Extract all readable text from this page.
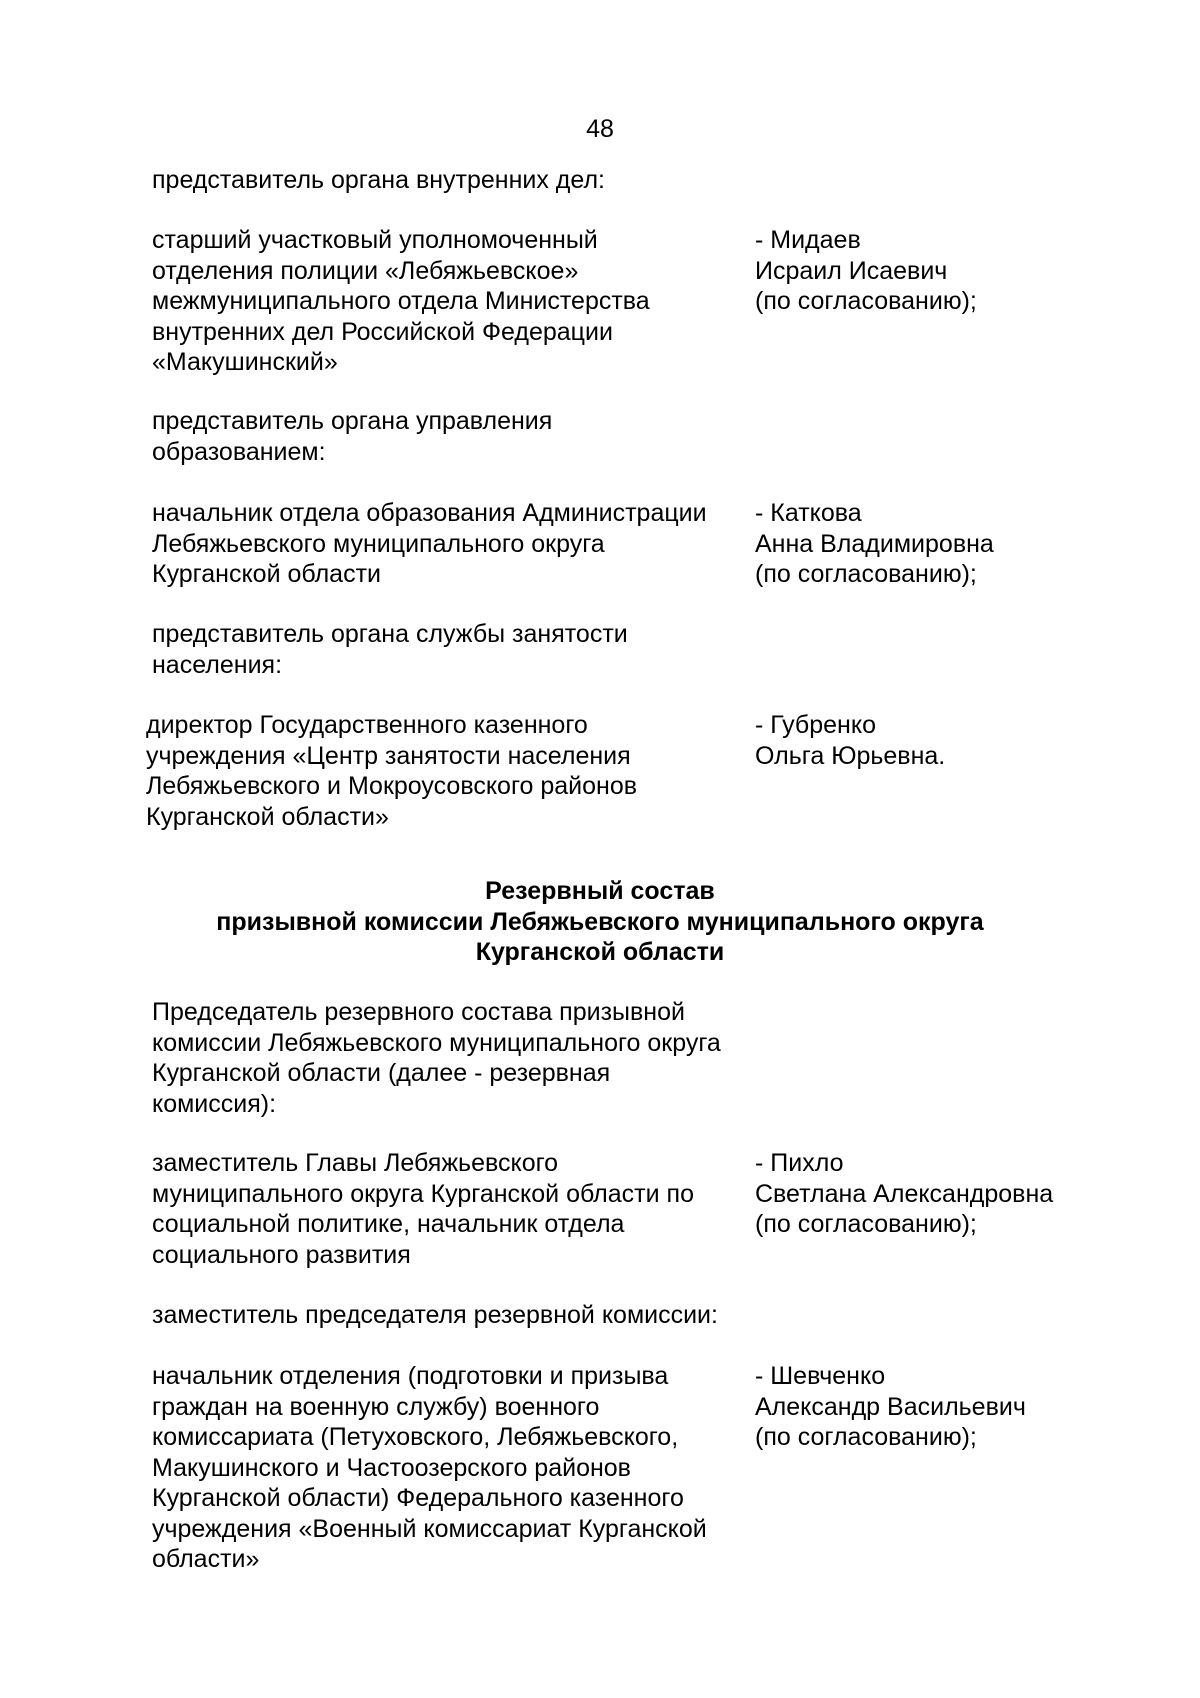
48
представитель органа внутренних дел:
старший участковый уполномоченный
отделения полиции «Лебяжьевское»
межмуниципального отдела Министерства
внутренних дел Российской Федерации
«Макушинский»
- Мидаев
Исраил Исаевич
(по согласованию);
представитель органа управления
образованием:
начальник отдела образования Администрации
Лебяжьевского муниципального округа
Курганской области
- Каткова
Анна Владимировна
(по согласованию);
представитель органа службы занятости
населения:
директор Государственного казенного
учреждения «Центр занятости населения
Лебяжьевского и Мокроусовского районов
Курганской области»
- Губренко
Ольга Юрьевна.
Резервный состав
призывной комиссии Лебяжьевского муниципального округа
Курганской области
Председатель резервного состава призывной
комиссии Лебяжьевского муниципального округа
Курганской области (далее - резервная
комиссия):
заместитель Главы Лебяжьевского
муниципального округа Курганской области по
социальной политике, начальник отдела
социального развития
- Пихло
Светлана Александровна
(по согласованию);
заместитель председателя резервной комиссии:
начальник отделения (подготовки и призыва
граждан на военную службу) военного
комиссариата (Петуховского, Лебяжьевского,
Макушинского и Частоозерского районов
Курганской области) Федерального казенного
учреждения «Военный комиссариат Курганской
области»
- Шевченко
Александр Васильевич
(по согласованию);
